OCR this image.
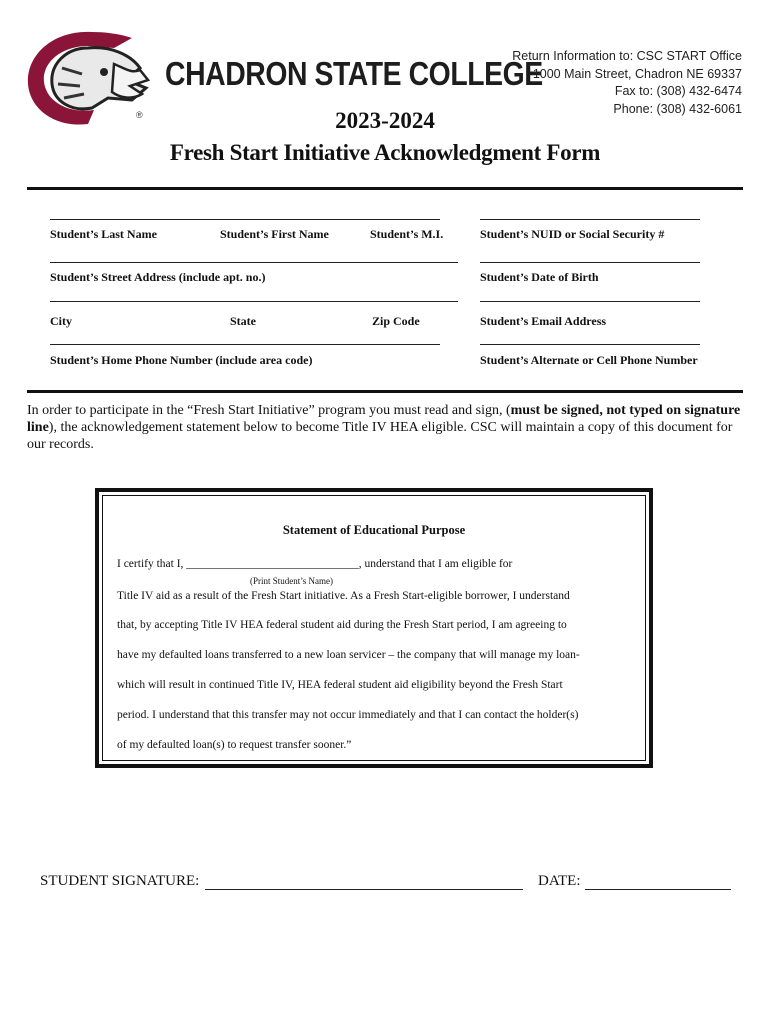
CHADRON STATE COLLEGE
®
Return Information to: CSC START Office
1000 Main Street, Chadron NE 69337
Fax to: (308) 432-6474
Phone: (308) 432-6061
2023-2024
Fresh Start Initiative Acknowledgment Form
Student’s Last Name	Student’s First Name	Student’s M.I.	Student’s NUID or Social Security #
Student’s Street Address (include apt. no.)	Student’s Date of Birth
City	State	Zip Code	Student’s Email Address
Student’s Home Phone Number (include area code)	Student’s Alternate or Cell Phone Number
In order to participate in the “Fresh Start Initiative” program you must read and sign, (must be signed, not typed on signature line), the acknowledgement statement below to become Title IV HEA eligible. CSC will maintain a copy of this document for our records.
Statement of Educational Purpose
I certify that I, ______________________________, understand that I am eligible for
(Print Student’s Name)
Title IV aid as a result of the Fresh Start initiative. As a Fresh Start-eligible borrower, I understand
that, by accepting Title IV HEA federal student aid during the Fresh Start period, I am agreeing to
have my defaulted loans transferred to a new loan servicer – the company that will manage my loan-
which will result in continued Title IV, HEA federal student aid eligibility beyond the Fresh Start
period. I understand that this transfer may not occur immediately and that I can contact the holder(s)
of my defaulted loan(s) to request transfer sooner.”
STUDENT SIGNATURE:	DATE:
